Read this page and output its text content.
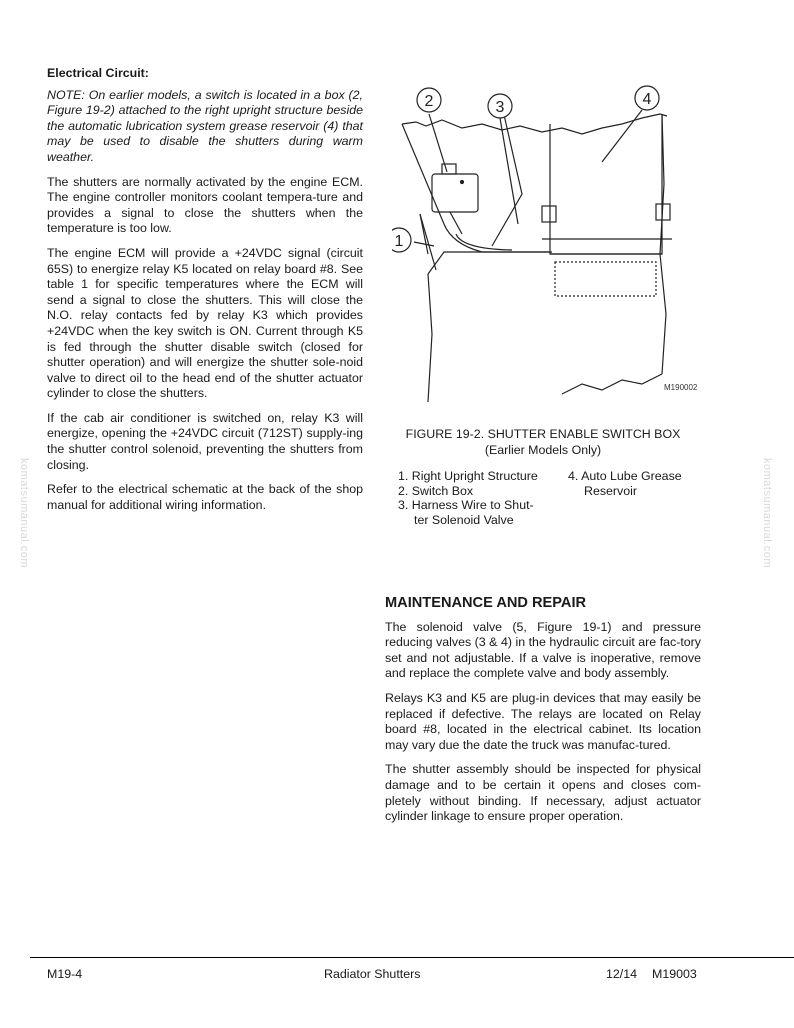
Electrical Circuit:

NOTE: On earlier models, a switch is located in a box (2, Figure 19-2) attached to the right upright structure beside the automatic lubrication system grease reservoir (4) that may be used to disable the shutters during warm weather.

The shutters are normally activated by the engine ECM. The engine controller monitors coolant tempera-ture and provides a signal to close the shutters when the temperature is too low.

The engine ECM will provide a +24VDC signal (circuit 65S) to energize relay K5 located on relay board #8. See table 1 for specific temperatures where the ECM will send a signal to close the shutters. This will close the N.O. relay contacts fed by relay K3 which provides +24VDC when the key switch is ON. Current through K5 is fed through the shutter disable switch (closed for shutter operation) and will energize the shutter sole-noid valve to direct oil to the head end of the shutter actuator cylinder to close the shutters.

If the cab air conditioner is switched on, relay K3 will energize, opening the +24VDC circuit (712ST) supply-ing the shutter control solenoid, preventing the shutters from closing.

Refer to the electrical schematic at the back of the shop manual for additional wiring information.

2	3	4
1
M190002
FIGURE 19-2. SHUTTER ENABLE SWITCH BOX
(Earlier Models Only)
1. Right Upright Structure
2. Switch Box
3. Harness Wire to Shut-
ter Solenoid Valve
4. Auto Lube Grease
Reservoir
MAINTENANCE AND REPAIR

The solenoid valve (5, Figure 19-1) and pressure reducing valves (3 & 4) in the hydraulic circuit are fac-tory set and not adjustable. If a valve is inoperative, remove and replace the complete valve and body assembly.

Relays K3 and K5 are plug-in devices that may easily be replaced if defective. The relays are located on Relay board #8, located in the electrical cabinet. Its location may vary due the date the truck was manufac-tured.

The shutter assembly should be inspected for physical damage and to be certain it opens and closes com-pletely without binding. If necessary, adjust actuator cylinder linkage to ensure proper operation.

komatsumanual.com	komatsumanual.com
M19-4	Radiator Shutters	12/14 M19003
